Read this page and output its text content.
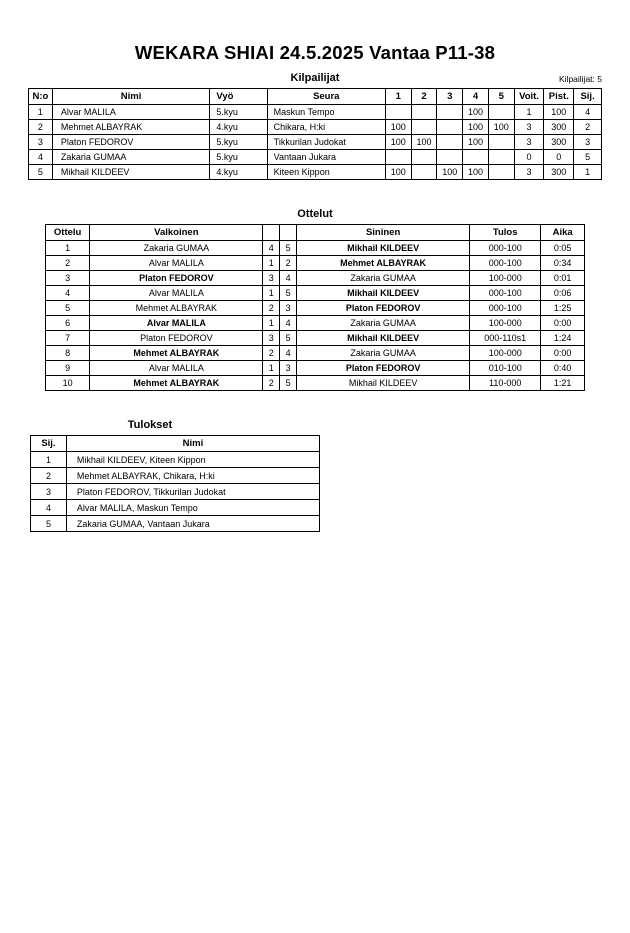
WEKARA SHIAI 24.5.2025 Vantaa P11-38
Kilpailijat	Kilpailijat: 5
N:o	Nimi	Vyö	Seura	1	2	3	4	5	Voit.	Pist.	Sij.
1	Alvar MALILA	5.kyu	Maskun Tempo				100		1	100	4
2	Mehmet ALBAYRAK	4.kyu	Chikara, H:ki	100			100	100	3	300	2
3	Platon FEDOROV	5.kyu	Tikkurilan Judokat	100	100		100		3	300	3
4	Zakaria GUMAA	5.kyu	Vantaan Jukara						0	0	5
5	Mikhail KILDEEV	4.kyu	Kiteen Kippon	100		100	100		3	300	1
Ottelut
Ottelu	Valkoinen			Sininen	Tulos	Aika
1	Zakaria GUMAA	4	5	Mikhail KILDEEV	000-100	0:05
2	Alvar MALILA	1	2	Mehmet ALBAYRAK	000-100	0:34
3	Platon FEDOROV	3	4	Zakaria GUMAA	100-000	0:01
4	Alvar MALILA	1	5	Mikhail KILDEEV	000-100	0:06
5	Mehmet ALBAYRAK	2	3	Platon FEDOROV	000-100	1:25
6	Alvar MALILA	1	4	Zakaria GUMAA	100-000	0:00
7	Platon FEDOROV	3	5	Mikhail KILDEEV	000-110s1	1:24
8	Mehmet ALBAYRAK	2	4	Zakaria GUMAA	100-000	0:00
9	Alvar MALILA	1	3	Platon FEDOROV	010-100	0:40
10	Mehmet ALBAYRAK	2	5	Mikhail KILDEEV	110-000	1:21
Tulokset
Sij.	Nimi
1	Mikhail KILDEEV, Kiteen Kippon
2	Mehmet ALBAYRAK, Chikara, H:ki
3	Platon FEDOROV, Tikkurilan Judokat
4	Alvar MALILA, Maskun Tempo
5	Zakaria GUMAA, Vantaan Jukara
